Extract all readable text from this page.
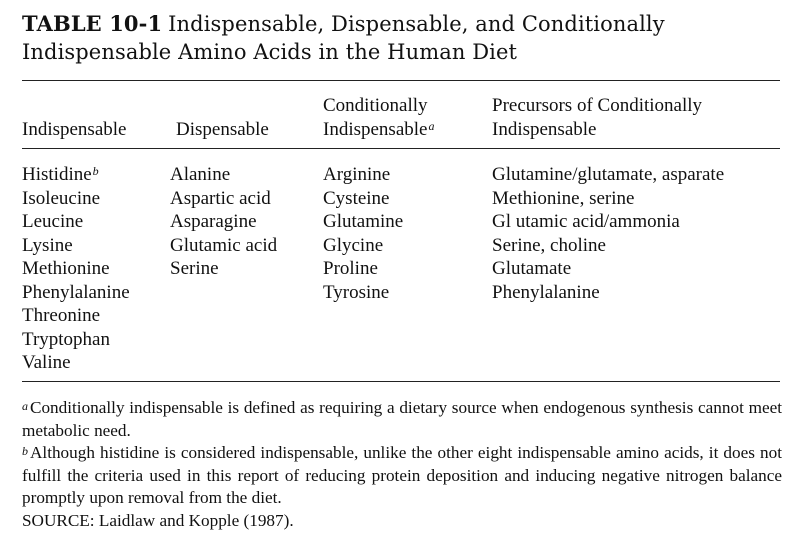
TABLE 10-1 Indispensable, Dispensable, and Conditionally
Indispensable Amino Acids in the Human Diet
Indispensable	Dispensable
Conditionally
Indispensable$^a$
Precursors of Conditionally
Indispensable
Histidine$^b$
Isoleucine
Leucine
Lysine
Methionine
Phenylalanine
Threonine
Tryptophan
Valine
Alanine
Aspartic acid
Asparagine
Glutamic acid
Serine
Arginine
Cysteine
Glutamine
Glycine
Proline
Tyrosine
Glutamine/glutamate, asparate
Methionine, serine
Gl utamic acid/ammonia
Serine, choline
Glutamate
Phenylalanine

$^a$ Conditionally indispensable is defined as requiring a dietary source when endogenous synthesis cannot meet metabolic need.

$^b$ Although histidine is considered indispensable, unlike the other eight indispensable amino acids, it does not fulfill the criteria used in this report of reducing protein deposition and inducing negative nitrogen balance promptly upon removal from the diet.

SOURCE: Laidlaw and Kopple (1987).
